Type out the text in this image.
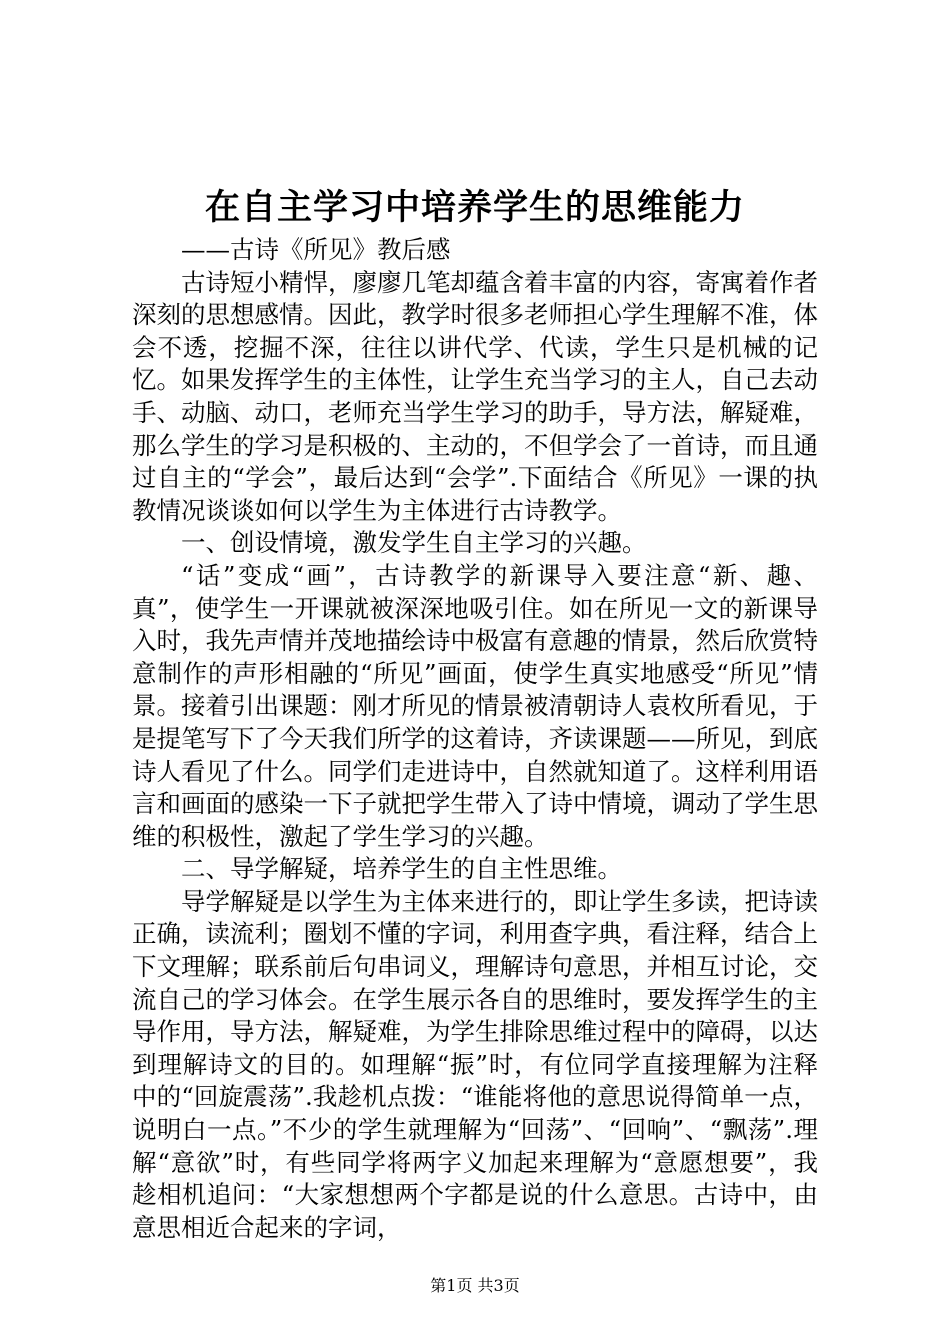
在自主学习中培养学生的思维能力

——古诗《所见》教后感

古诗短小精悍，廖廖几笔却蕴含着丰富的内容，寄寓着作者深刻的思想感情。因此，教学时很多老师担心学生理解不准，体会不透，挖掘不深，往往以讲代学、代读，学生只是机械的记忆。如果发挥学生的主体性，让学生充当学习的主人，自己去动手、动脑、动口，老师充当学生学习的助手，导方法，解疑难，那么学生的学习是积极的、主动的，不但学会了一首诗，而且通过自主的“学会”，最后达到“会学”.下面结合《所见》一课的执教情况谈谈如何以学生为主体进行古诗教学。

一、创设情境，激发学生自主学习的兴趣。

“话”变成“画”，古诗教学的新课导入要注意“新、趣、真”，使学生一开课就被深深地吸引住。如在所见一文的新课导入时，我先声情并茂地描绘诗中极富有意趣的情景，然后欣赏特意制作的声形相融的“所见”画面，使学生真实地感受“所见”情景。接着引出课题：刚才所见的情景被清朝诗人袁枚所看见，于是提笔写下了今天我们所学的这着诗，齐读课题——所见，到底诗人看见了什么。同学们走进诗中，自然就知道了。这样利用语言和画面的感染一下子就把学生带入了诗中情境，调动了学生思维的积极性，激起了学生学习的兴趣。

二、导学解疑，培养学生的自主性思维。

导学解疑是以学生为主体来进行的，即让学生多读，把诗读正确，读流利；圈划不懂的字词，利用查字典，看注释，结合上下文理解；联系前后句串词义，理解诗句意思，并相互讨论，交流自己的学习体会。在学生展示各自的思维时，要发挥学生的主导作用，导方法，解疑难，为学生排除思维过程中的障碍，以达到理解诗文的目的。如理解“振”时，有位同学直接理解为注释中的“回旋震荡”.我趁机点拨：“谁能将他的意思说得简单一点，说明白一点。”不少的学生就理解为“回荡”、“回响”、“飘荡”.理解“意欲”时，有些同学将两字义加起来理解为“意愿想要”，我趁相机追问：“大家想想两个字都是说的什么意思。古诗中，由意思相近合起来的字词，

第1页 共3页
